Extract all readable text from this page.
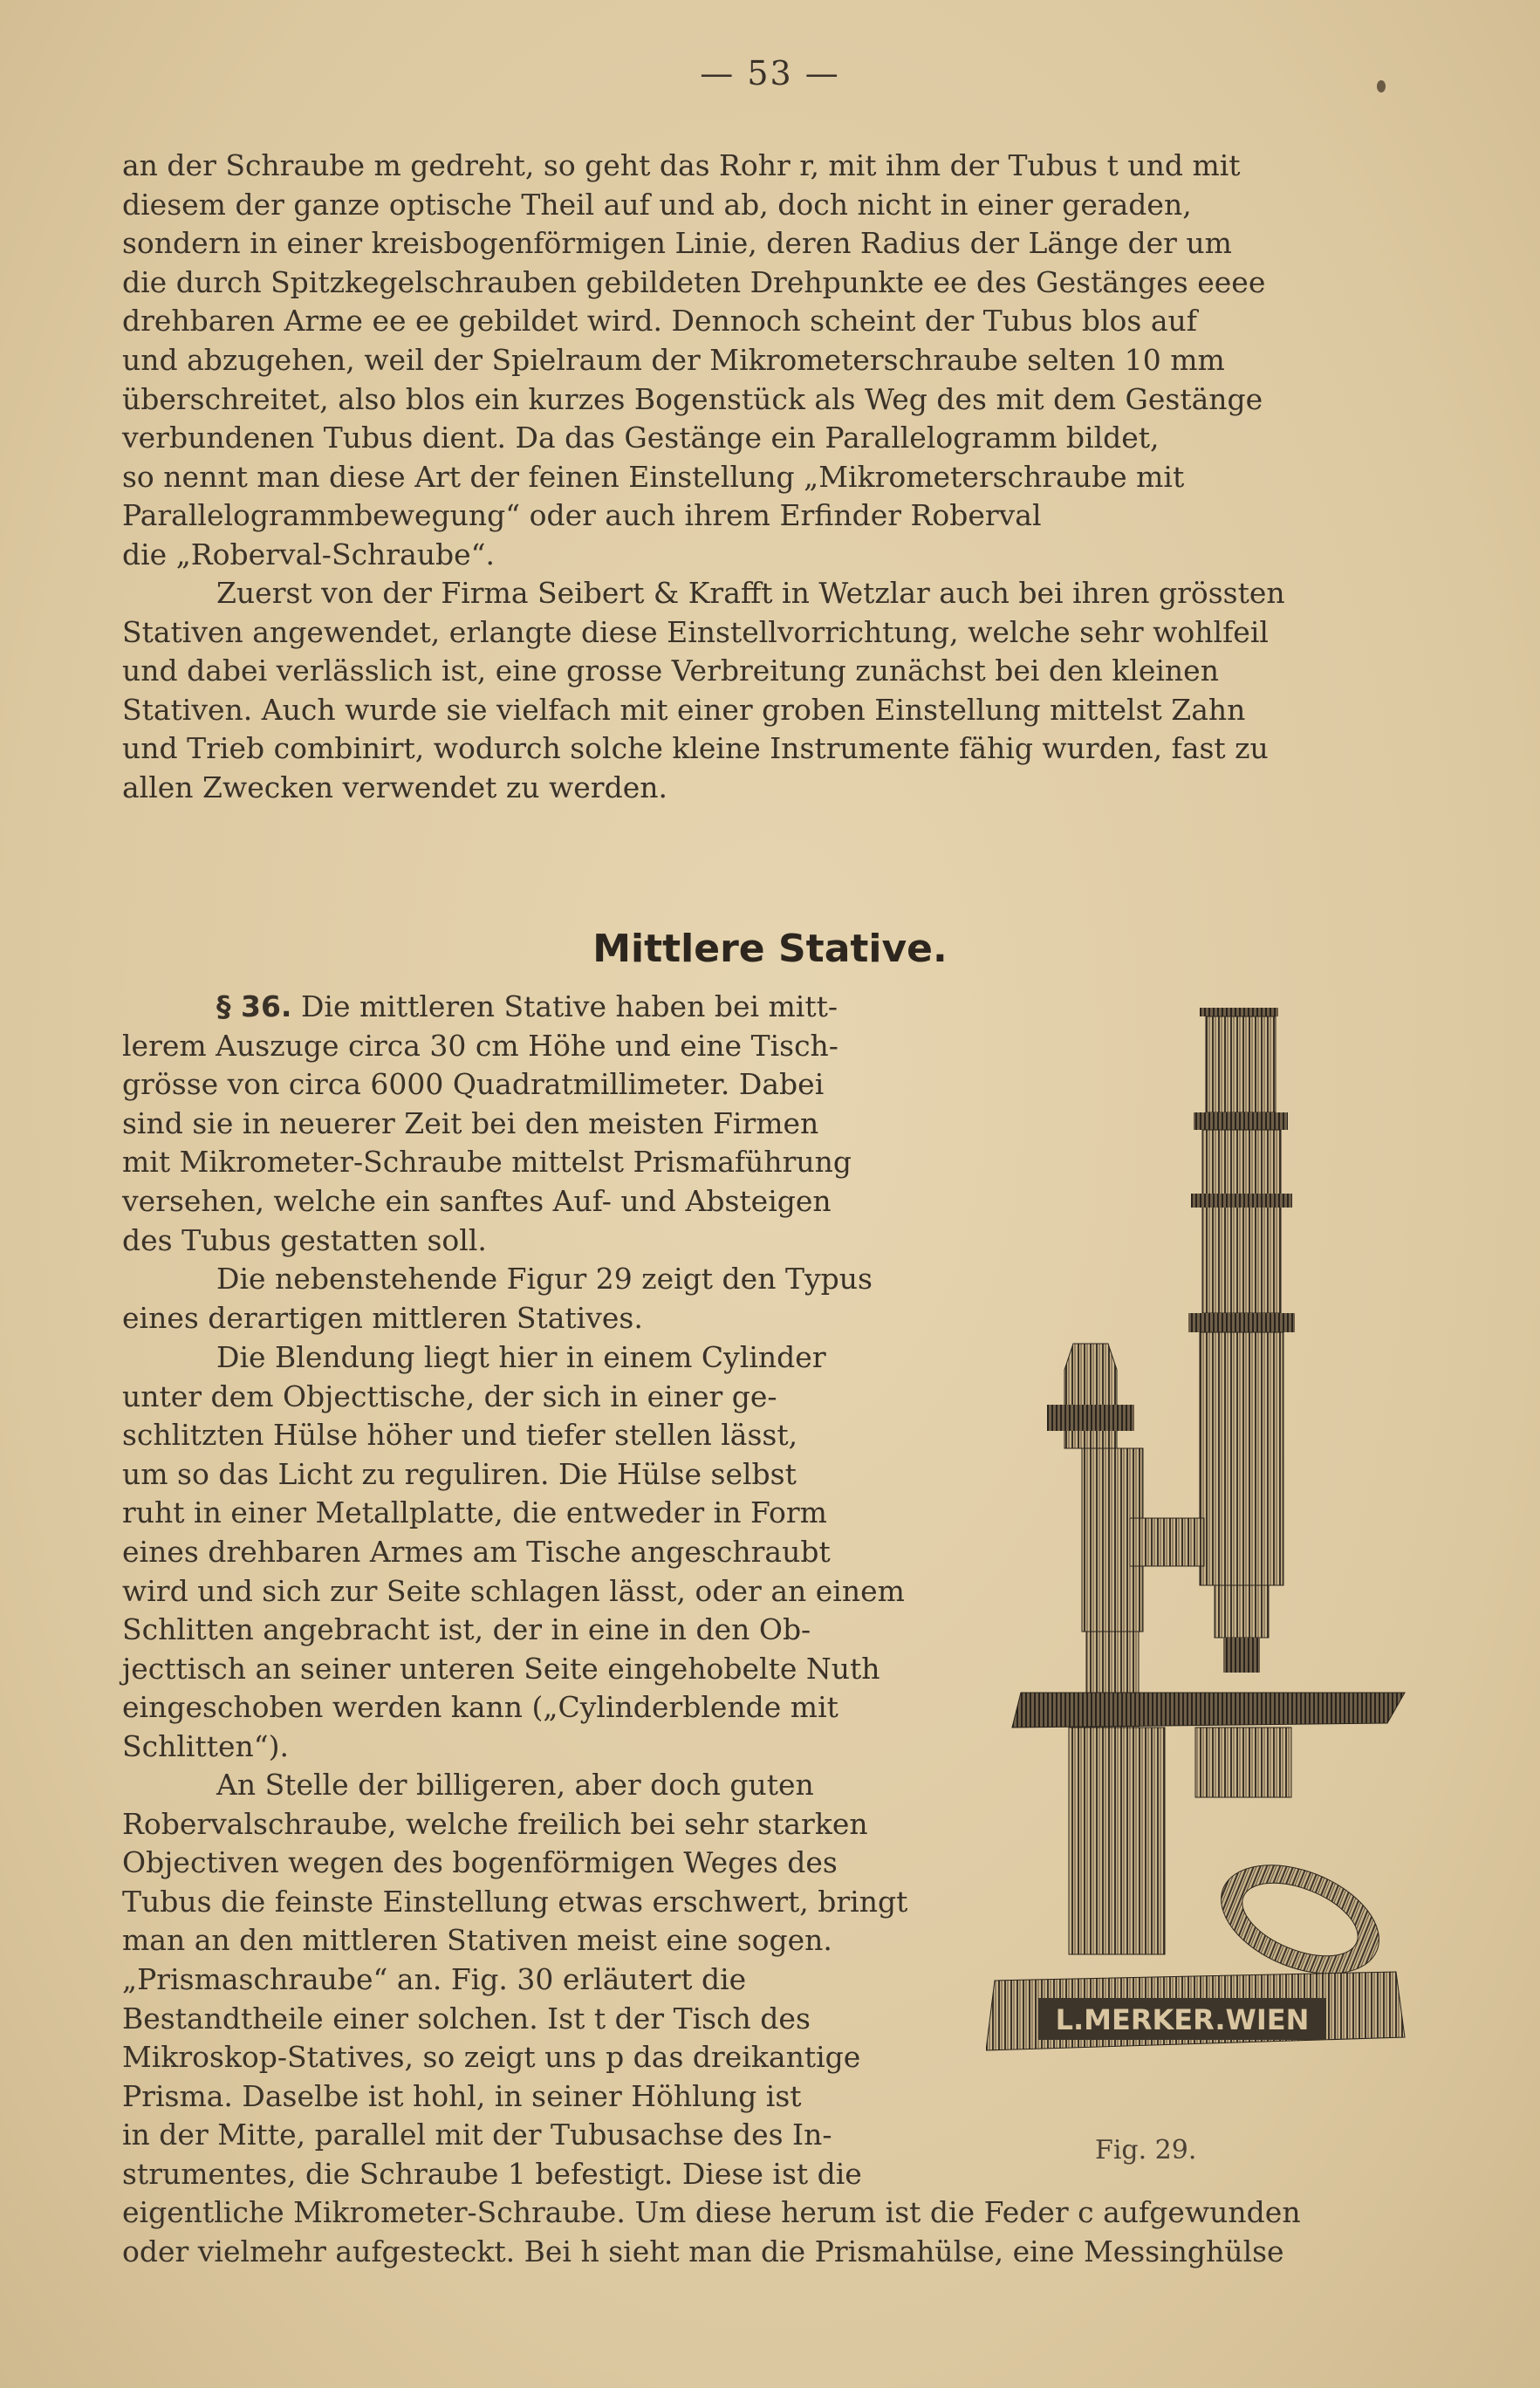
— 53 —

an der Schraube m gedreht, so geht das Rohr r, mit ihm der Tubus t und mit
diesem der ganze optische Theil auf und ab, doch nicht in einer geraden,
sondern in einer kreisbogenförmigen Linie, deren Radius der Länge der um
die durch Spitzkegelschrauben gebildeten Drehpunkte ee des Gestänges eeee
drehbaren Arme ee ee gebildet wird. Dennoch scheint der Tubus blos auf
und abzugehen, weil der Spielraum der Mikrometerschraube selten 10 mm
überschreitet, also blos ein kurzes Bogenstück als Weg des mit dem Gestänge
verbundenen Tubus dient. Da das Gestänge ein Parallelogramm bildet,
so nennt man diese Art der feinen Einstellung „Mikrometerschraube mit
Parallelogrammbewegung“ oder auch ihrem Erfinder Roberval
die „Roberval-Schraube“.

Zuerst von der Firma Seibert & Krafft in Wetzlar auch bei ihren grössten
Stativen angewendet, erlangte diese Einstellvorrichtung, welche sehr wohlfeil
und dabei verlässlich ist, eine grosse Verbreitung zunächst bei den kleinen
Stativen. Auch wurde sie vielfach mit einer groben Einstellung mittelst Zahn
und Trieb combinirt, wodurch solche kleine Instrumente fähig wurden, fast zu
allen Zwecken verwendet zu werden.

Mittlere Stative.

§ 36. Die mittleren Stative haben bei mitt-
lerem Auszuge circa 30 cm Höhe und eine Tisch-
grösse von circa 6000 Quadratmillimeter. Dabei
sind sie in neuerer Zeit bei den meisten Firmen
mit Mikrometer-Schraube mittelst Prismaführung
versehen, welche ein sanftes Auf- und Absteigen
des Tubus gestatten soll.

Die nebenstehende Figur 29 zeigt den Typus
eines derartigen mittleren Statives.

Die Blendung liegt hier in einem Cylinder
unter dem Objecttische, der sich in einer ge-
schlitzten Hülse höher und tiefer stellen lässt,
um so das Licht zu reguliren. Die Hülse selbst
ruht in einer Metallplatte, die entweder in Form
eines drehbaren Armes am Tische angeschraubt
wird und sich zur Seite schlagen lässt, oder an einem
Schlitten angebracht ist, der in eine in den Ob-
jecttisch an seiner unteren Seite eingehobelte Nuth
eingeschoben werden kann („Cylinderblende mit
Schlitten“).

An Stelle der billigeren, aber doch guten
Robervalschraube, welche freilich bei sehr starken
Objectiven wegen des bogenförmigen Weges des
Tubus die feinste Einstellung etwas erschwert, bringt
man an den mittleren Stativen meist eine sogen.
„Prismaschraube“ an. Fig. 30 erläutert die
Bestandtheile einer solchen. Ist t der Tisch des
Mikroskop-Statives, so zeigt uns p das dreikantige
Prisma. Daselbe ist hohl, in seiner Höhlung ist
in der Mitte, parallel mit der Tubusachse des In-
strumentes, die Schraube 1 befestigt. Diese ist die

eigentliche Mikrometer-Schraube. Um diese herum ist die Feder c aufgewunden
oder vielmehr aufgesteckt. Bei h sieht man die Prismahülse, eine Messinghülse

L.MERKER.WIEN
Fig. 29.
